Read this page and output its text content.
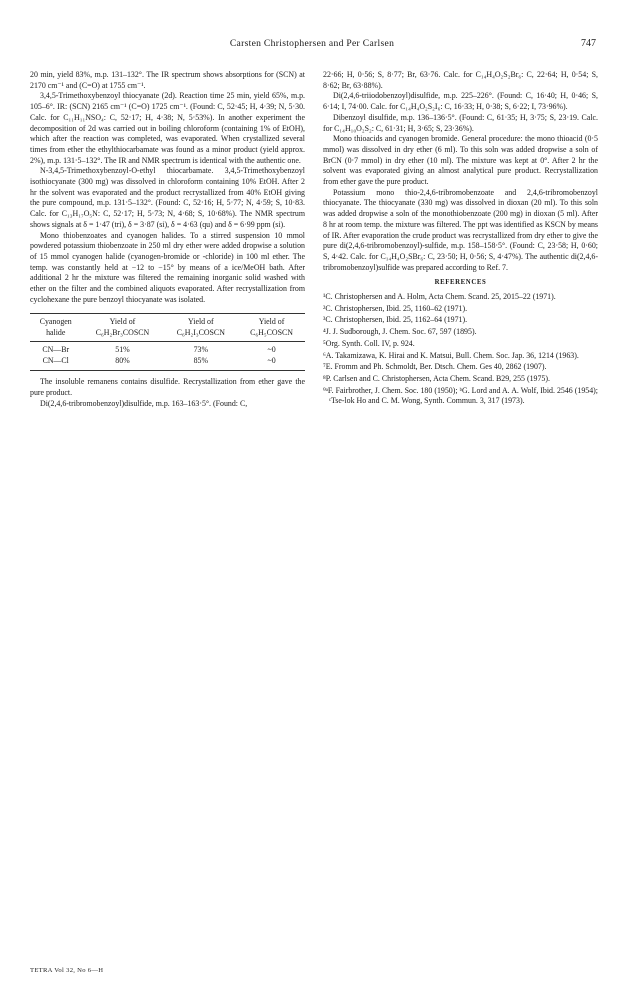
Carsten Christophersen and Per Carlsen	747

20 min, yield 83%, m.p. 131–132°. The IR spectrum shows absorptions for (SCN) at 2170 cm⁻¹ and (C=O) at 1755 cm⁻¹.

3,4,5-Trimethoxybenzoyl thiocyanate (2d). Reaction time 25 min, yield 65%, m.p. 105–6°. IR: (SCN) 2165 cm⁻¹ (C=O) 1725 cm⁻¹. (Found: C, 52·45; H, 4·39; N, 5·30. Calc. for C₁₁H₁₁NSO₄: C, 52·17; H, 4·38; N, 5·53%). In another experiment the decomposition of 2d was carried out in boiling chloroform (containing 1% of EtOH), which after the reaction was completed, was evaporated. When crystallized several times from ether the ethylthiocarbamate was found as a minor product (yield approx. 2%), m.p. 131·5–132°. The IR and NMR spectrum is identical with the authentic one.

N-3,4,5-Trimethoxybenzoyl-O-ethyl thiocarbamate. 3,4,5-Trimethoxybenzoyl isothiocyanate (300 mg) was dissolved in chloroform containing 10% EtOH. After 2 hr the solvent was evaporated and the product recrystallized from 40% EtOH giving the pure compound, m.p. 131·5–132°. (Found: C, 52·16; H, 5·77; N, 4·59; S, 10·83. Calc. for C₁₃H₁₇O₅N: C, 52·17; H, 5·73; N, 4·68; S, 10·68%). The NMR spectrum shows signals at δ = 1·47 (tri), δ = 3·87 (si), δ = 4·63 (qu) and δ = 6·99 ppm (si).

Mono thiobenzoates and cyanogen halides. To a stirred suspension 10 mmol powdered potassium thiobenzoate in 250 ml dry ether were added dropwise a solution of 15 mmol cyanogen halide (cyanogen-bromide or -chloride) in 100 ml ether. The temp. was constantly held at −12 to −15° by means of a ice/MeOH bath. After additional 2 hr the mixture was filtered the remaining inorganic solid washed with ether on the filter and the combined aliquots evaporated. After recrystallization from cyclohexane the pure benzoyl thiocyanate was isolated.

Cyanogen	Yield of	Yield of	Yield of
halide	C₆H₂Br₃COSCN	C₆H₂I₃COSCN	C₆H₅COSCN
CN—Br	51%	73%	~0
CN—Cl	80%	85%	~0

The insoluble remanens contains disulfide. Recrystallization from ether gave the pure product.

Di(2,4,6-tribromobenzoyl)disulfide, m.p. 163–163·5°. (Found: C,

22·66; H, 0·56; S, 8·77; Br, 63·76. Calc. for C₁₄H₄O₂S₂Br₆: C, 22·64; H, 0·54; S, 8·62; Br, 63·88%).

Di(2,4,6-triiodobenzoyl)disulfide, m.p. 225–226°. (Found: C, 16·40; H, 0·46; S, 6·14; I, 74·00. Calc. for C₁₄H₄O₂S₂I₆: C, 16·33; H, 0·38; S, 6·22; I, 73·96%).

Dibenzoyl disulfide, m.p. 136–136·5°. (Found: C, 61·35; H, 3·75; S, 23·19. Calc. for C₁₄H₁₀O₂S₂: C, 61·31; H, 3·65; S, 23·36%).

Mono thioacids and cyanogen bromide. General procedure: the mono thioacid (0·5 mmol) was dissolved in dry ether (6 ml). To this soln was added dropwise a soln of BrCN (0·7 mmol) in dry ether (10 ml). The mixture was kept at 0°. After 2 hr the solvent was evaporated giving an almost analytical pure product. Recrystallization from ether gave the pure product.

Potassium mono thio-2,4,6-tribromobenzoate and 2,4,6-tribromobenzoyl thiocyanate. The thiocyanate (330 mg) was dissolved in dioxan (20 ml). To this soln was added dropwise a soln of the monothiobenzoate (200 mg) in dioxan (5 ml). After 8 hr at room temp. the mixture was filtered. The ppt was identified as KSCN by means of IR. After evaporation the crude product was recrystallized from dry ether to give the pure di(2,4,6-tribromobenzoyl)-sulfide, m.p. 158–158·5°. (Found: C, 23·58; H, 0·60; S, 4·42. Calc. for C₁₄H₄O₂SBr₆: C, 23·50; H, 0·56; S, 4·47%). The authentic di(2,4,6-tribromobenzoyl)sulfide was prepared according to Ref. 7.

REFERENCES

¹C. Christophersen and A. Holm, Acta Chem. Scand. 25, 2015–22 (1971).

²C. Christophersen, Ibid. 25, 1160–62 (1971).

³C. Christophersen, Ibid. 25, 1162–64 (1971).

⁴J. J. Sudborough, J. Chem. Soc. 67, 597 (1895).

⁵Org. Synth. Coll. IV, p. 924.

⁶A. Takamizawa, K. Hirai and K. Matsui, Bull. Chem. Soc. Jap. 36, 1214 (1963).

⁷E. Fromm and Ph. Schmoldt, Ber. Dtsch. Chem. Ges 40, 2862 (1907).

⁸P. Carlsen and C. Christophersen, Acta Chem. Scand. B29, 255 (1975).

⁹ᵃF. Fairbrother, J. Chem. Soc. 180 (1950); ᵇG. Lord and A. A. Wolf, Ibid. 2546 (1954); ᶜTse-lok Ho and C. M. Wong, Synth. Commun. 3, 317 (1973).

TETRA Vol 32, No 6—H
